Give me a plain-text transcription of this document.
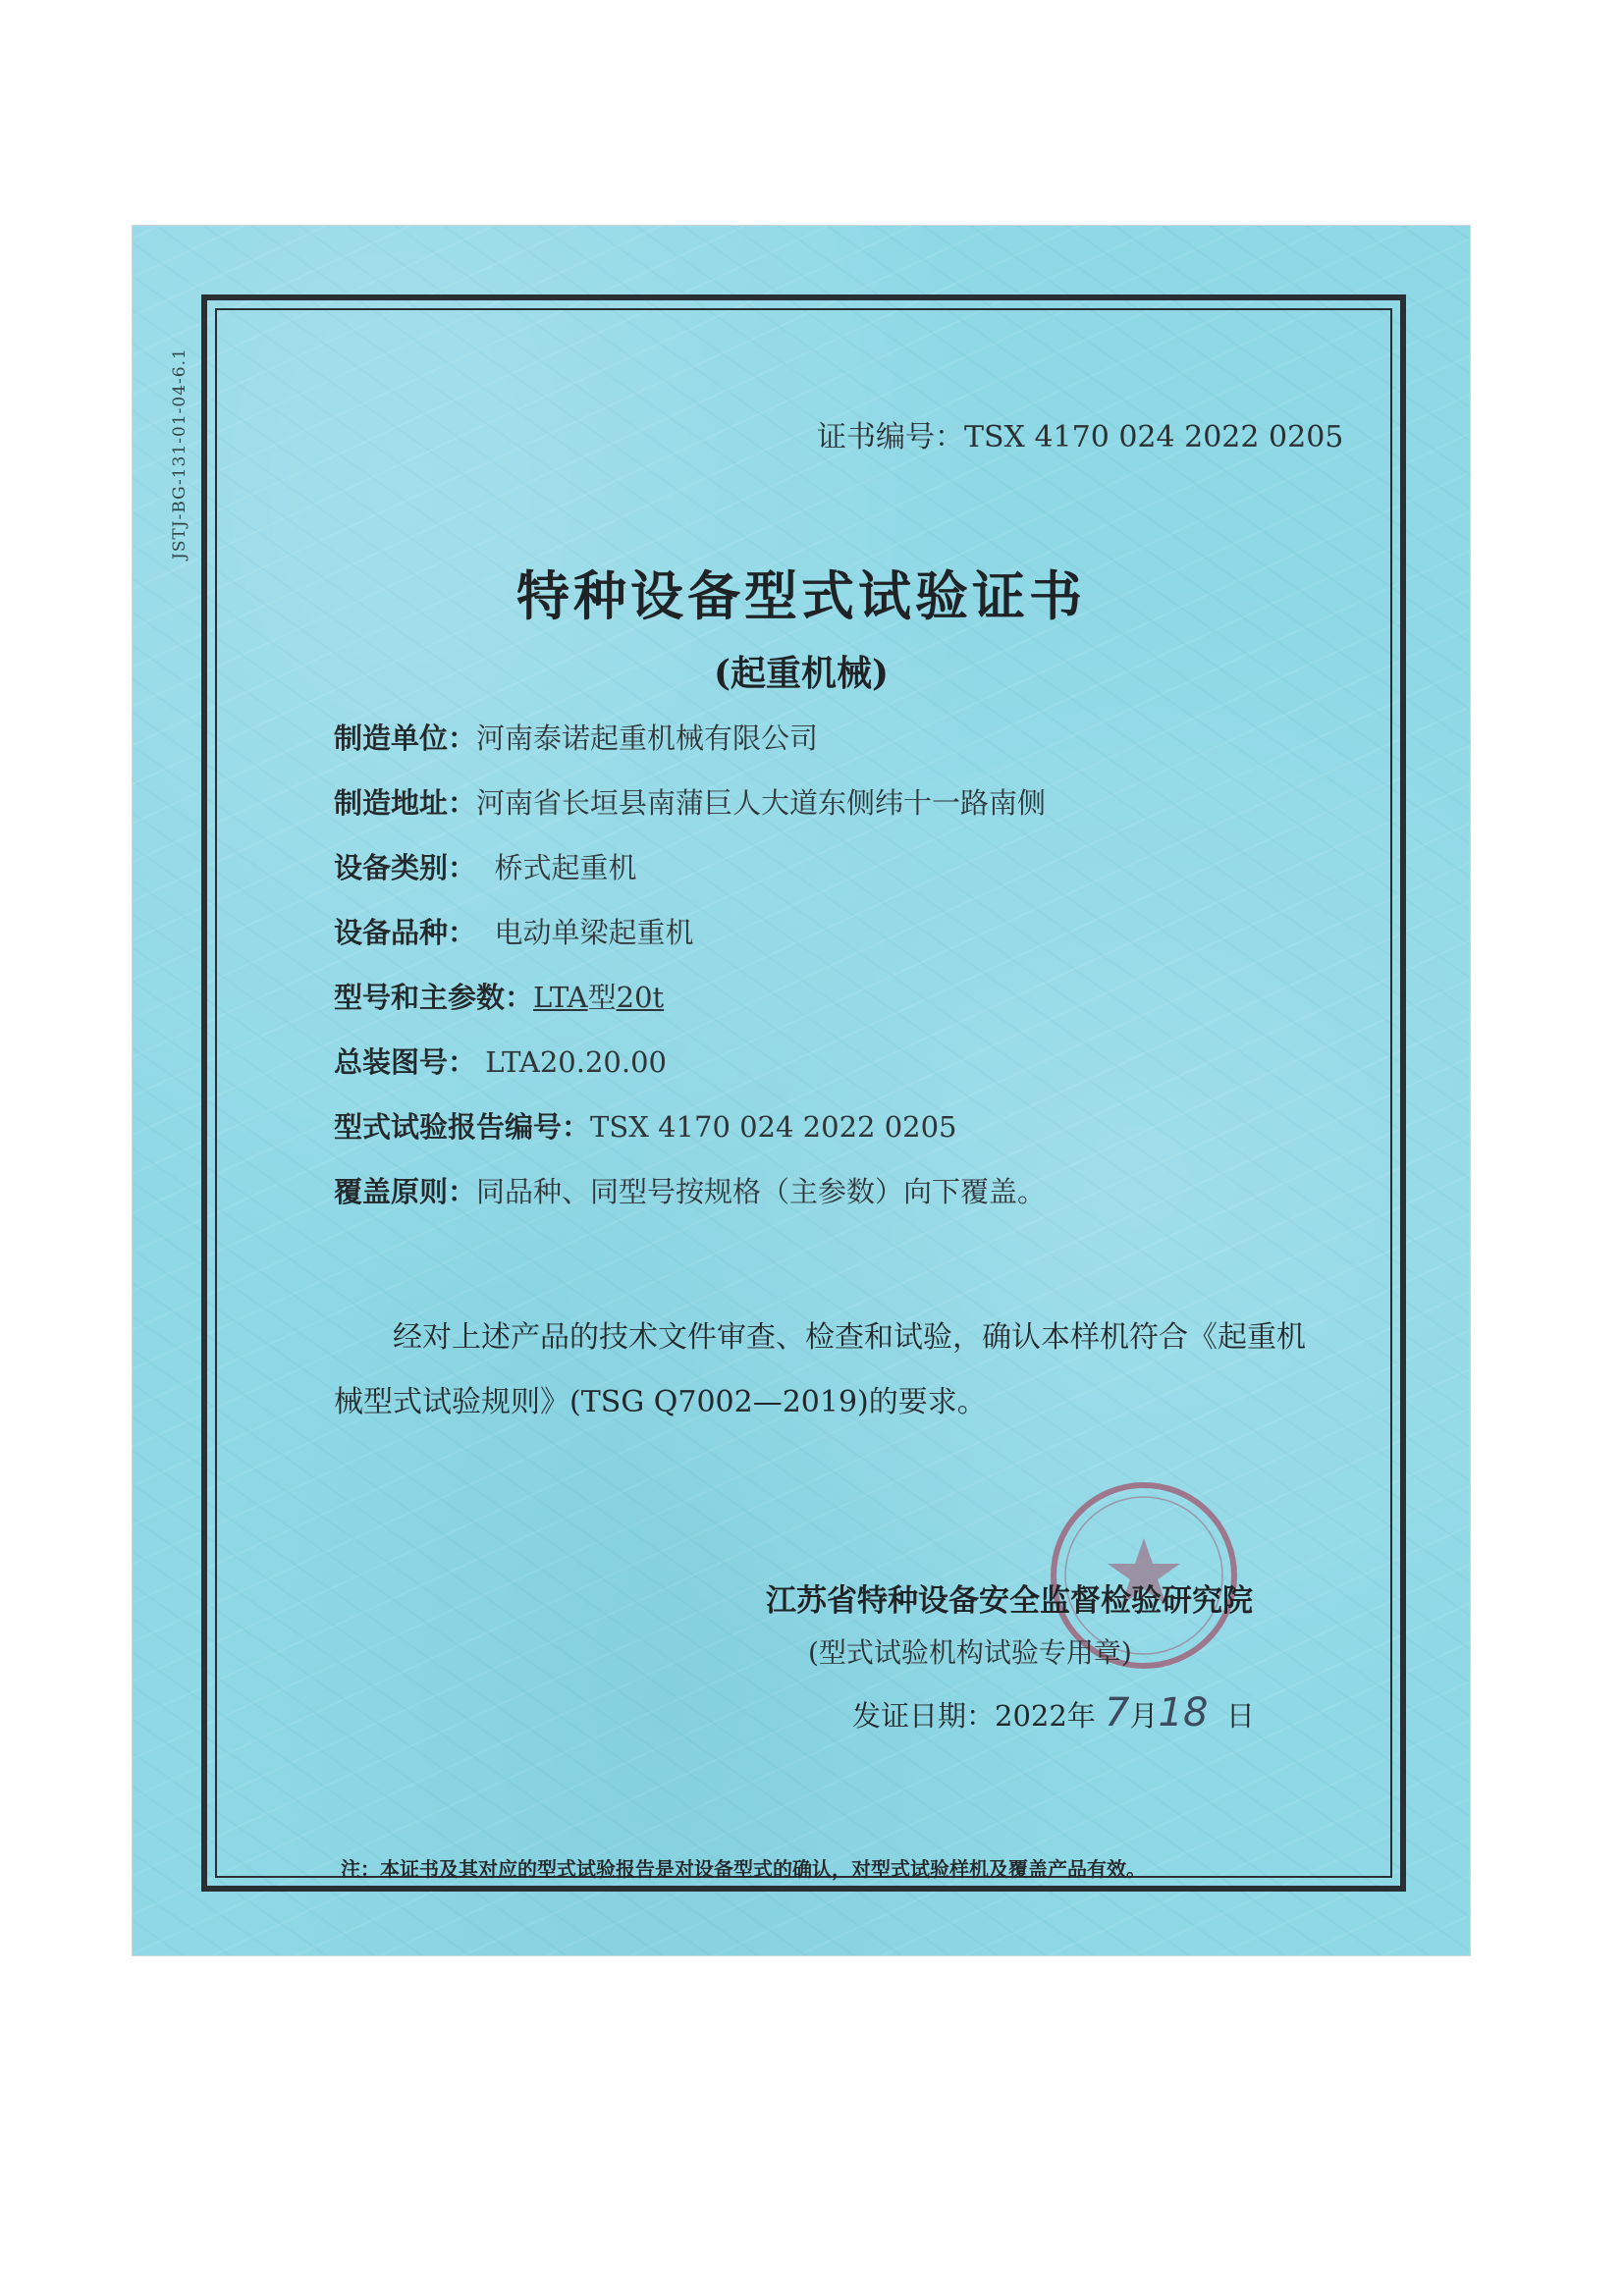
JSTJ-BG-131-01-04-6.1	证书编号：TSX 4170 024 2022 0205
特种设备型式试验证书
(起重机械)
制造单位：河南泰诺起重机械有限公司
制造地址：河南省长垣县南蒲巨人大道东侧纬十一路南侧
设备类别： 桥式起重机
设备品种： 电动单梁起重机
型号和主参数：LTA型20t
总装图号： LTA20.20.00
型式试验报告编号：TSX 4170 024 2022 0205
覆盖原则：同品种、同型号按规格（主参数）向下覆盖。
经对上述产品的技术文件审查、检查和试验，确认本样机符合《起重机械型式试验规则》(TSG Q7002—2019)的要求。
江苏省特种设备安全监督检验研究院
(型式试验机构试验专用章)
发证日期：2022年 7月18 日
注：本证书及其对应的型式试验报告是对设备型式的确认，对型式试验样机及覆盖产品有效。
